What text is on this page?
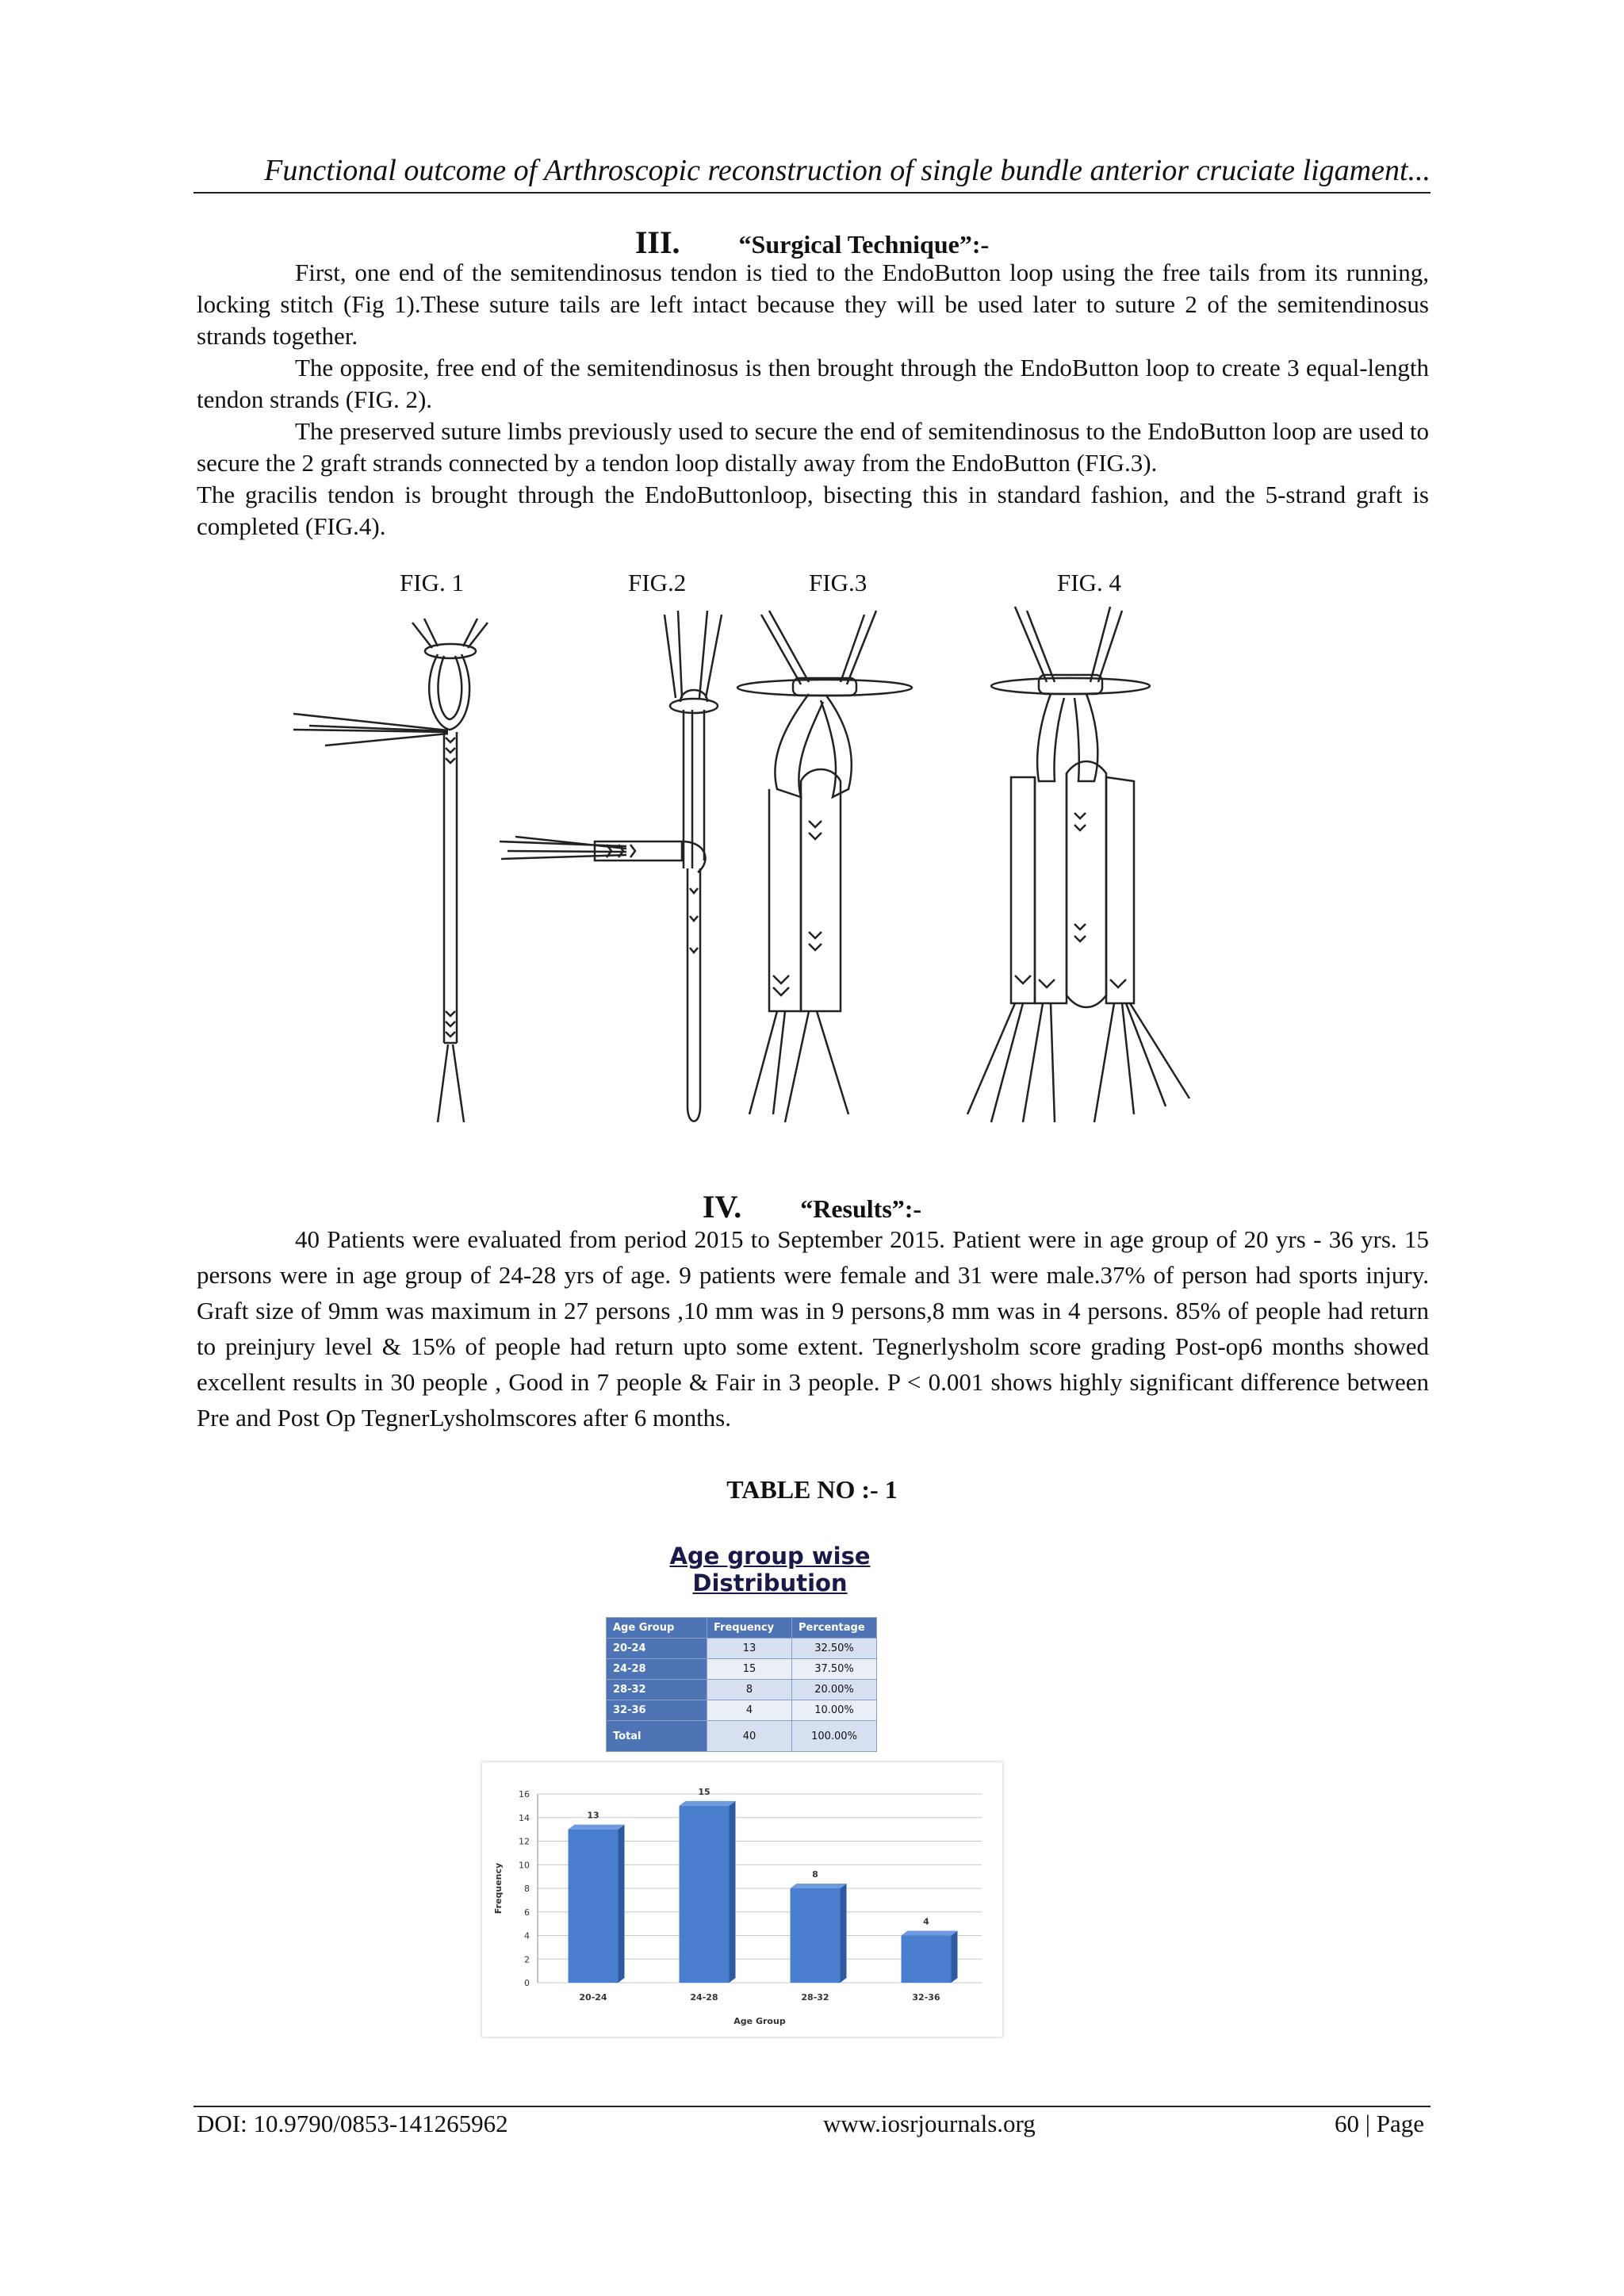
Functional outcome of Arthroscopic reconstruction of single bundle anterior cruciate ligament...
III. “Surgical Technique”:-

First, one end of the semitendinosus tendon is tied to the EndoButton loop using the free tails from its running, locking stitch (Fig 1).These suture tails are left intact because they will be used later to suture 2 of the semitendinosus strands together.

The opposite, free end of the semitendinosus is then brought through the EndoButton loop to create 3 equal-length tendon strands (FIG. 2).

The preserved suture limbs previously used to secure the end of semitendinosus to the EndoButton loop are used to secure the 2 graft strands connected by a tendon loop distally away from the EndoButton (FIG.3).

The gracilis tendon is brought through the EndoButtonloop, bisecting this in standard fashion, and the 5-strand graft is completed (FIG.4).

FIG. 1	FIG.2	FIG.3	FIG. 4
IV. “Results”:-

40 Patients were evaluated from period 2015 to September 2015. Patient were in age group of 20 yrs - 36 yrs. 15 persons were in age group of 24-28 yrs of age. 9 patients were female and 31 were male.37% of person had sports injury. Graft size of 9mm was maximum in 27 persons ,10 mm was in 9 persons,8 mm was in 4 persons. 85% of people had return to preinjury level & 15% of people had return upto some extent. Tegnerlysholm score grading Post-op6 months showed excellent results in 30 people , Good in 7 people & Fair in 3 people. P < 0.001 shows highly significant difference between Pre and Post Op TegnerLysholmscores after 6 months.

TABLE NO :- 1
Age group wise Distribution
Age Group	Frequency	Percentage
20-24	13	32.50%
24-28	15	37.50%
28-32	8	20.00%
32-36	4	10.00%
Total	40	100.00%
0
2
4
6
8
10
12
14
16
13
20-24
15
24-28
8
28-32
4
32-36
Age Group
Frequency
DOI: 10.9790/0853-141265962	www.iosrjournals.org	60 | Page
